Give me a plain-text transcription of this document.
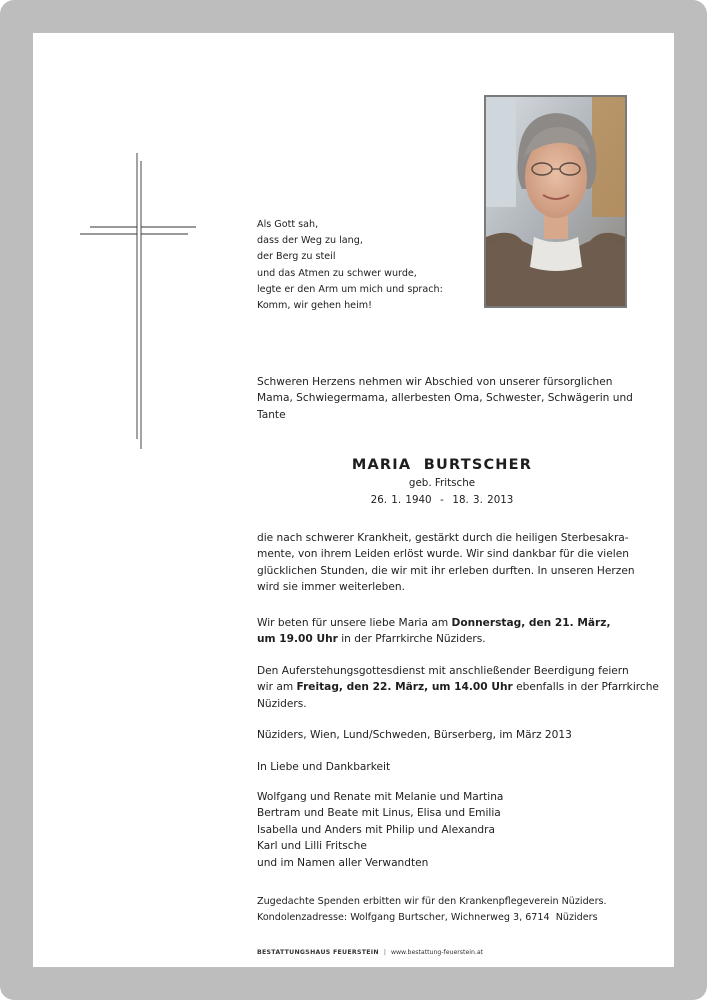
Als Gott sah,
dass der Weg zu lang,
der Berg zu steil
und das Atmen zu schwer wurde,
legte er den Arm um mich und sprach:
Komm, wir gehen heim!
Schweren Herzens nehmen wir Abschied von unserer fürsorglichen
Mama, Schwiegermama, allerbesten Oma, Schwester, Schwägerin und
Tante
MARIA  BURTSCHER
geb. Fritsche
26. 1. 1940  -  18. 3. 2013
die nach schwerer Krankheit, gestärkt durch die heiligen Sterbesakra-
mente, von ihrem Leiden erlöst wurde. Wir sind dankbar für die vielen
glücklichen Stunden, die wir mit ihr erleben durften. In unseren Herzen
wird sie immer weiterleben.
Wir beten für unsere liebe Maria am Donnerstag, den 21. März,
um 19.00 Uhr in der Pfarrkirche Nüziders.
Den Auferstehungsgottesdienst mit anschließender Beerdigung feiern
wir am Freitag, den 22. März, um 14.00 Uhr ebenfalls in der Pfarrkirche
Nüziders.
Nüziders, Wien, Lund/Schweden, Bürserberg, im März 2013
In Liebe und Dankbarkeit
Wolfgang und Renate mit Melanie und Martina
Bertram und Beate mit Linus, Elisa und Emilia
Isabella und Anders mit Philip und Alexandra
Karl und Lilli Fritsche
und im Namen aller Verwandten
Zugedachte Spenden erbitten wir für den Krankenpflegeverein Nüziders.
Kondolenzadresse: Wolfgang Burtscher, Wichnerweg 3, 6714  Nüziders
BESTATTUNGSHAUS FEUERSTEIN | www.bestattung-feuerstein.at
